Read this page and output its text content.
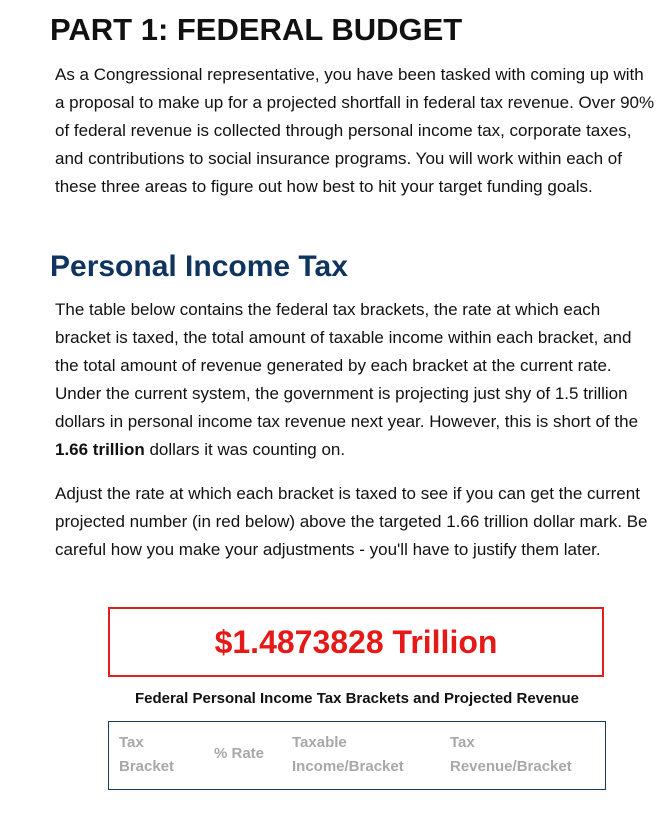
PART 1: FEDERAL BUDGET

As a Congressional representative, you have been tasked with coming up with a proposal to make up for a projected shortfall in federal tax revenue. Over 90% of federal revenue is collected through personal income tax, corporate taxes, and contributions to social insurance programs. You will work within each of these three areas to figure out how best to hit your target funding goals.

Personal Income Tax

The table below contains the federal tax brackets, the rate at which each bracket is taxed, the total amount of taxable income within each bracket, and the total amount of revenue generated by each bracket at the current rate. Under the current system, the government is projecting just shy of 1.5 trillion dollars in personal income tax revenue next year. However, this is short of the 1.66 trillion dollars it was counting on.

Adjust the rate at which each bracket is taxed to see if you can get the current projected number (in red below) above the targeted 1.66 trillion dollar mark. Be careful how you make your adjustments - you'll have to justify them later.

$1.4873828 Trillion
Federal Personal Income Tax Brackets and Projected Revenue
Tax Bracket
% Rate
Taxable Income/Bracket
Tax Revenue/Bracket
